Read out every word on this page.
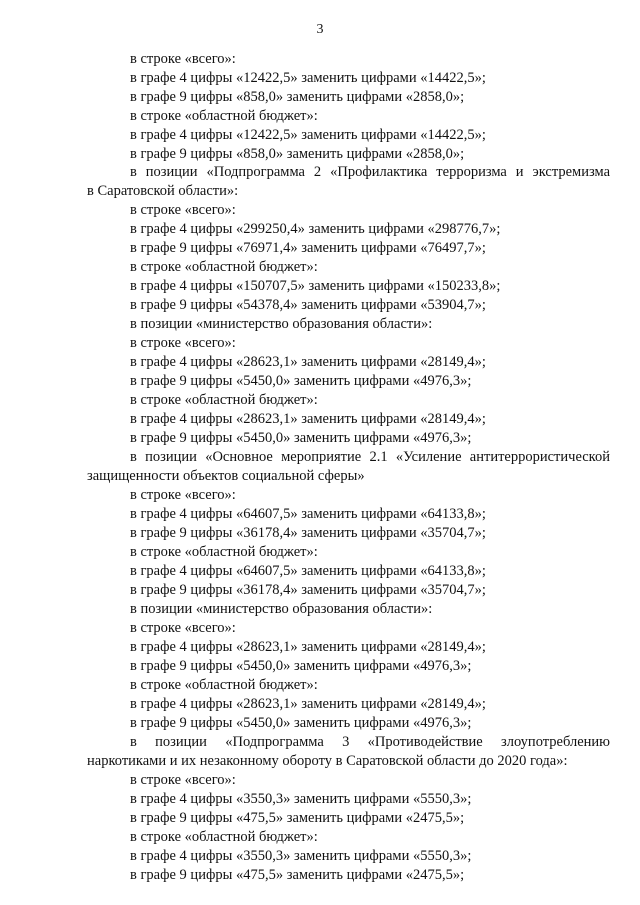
3
в строке «всего»:
в графе 4 цифры «12422,5» заменить цифрами «14422,5»;
в графе 9 цифры «858,0» заменить цифрами «2858,0»;
в строке «областной бюджет»:
в графе 4 цифры «12422,5» заменить цифрами «14422,5»;
в графе 9 цифры «858,0» заменить цифрами «2858,0»;
в позиции «Подпрограмма 2 «Профилактика терроризма и экстремизма
в Саратовской области»:
в строке «всего»:
в графе 4 цифры «299250,4» заменить цифрами «298776,7»;
в графе 9 цифры «76971,4» заменить цифрами «76497,7»;
в строке «областной бюджет»:
в графе 4 цифры «150707,5» заменить цифрами «150233,8»;
в графе 9 цифры «54378,4» заменить цифрами «53904,7»;
в позиции «министерство образования области»:
в строке «всего»:
в графе 4 цифры «28623,1» заменить цифрами «28149,4»;
в графе 9 цифры «5450,0» заменить цифрами «4976,3»;
в строке «областной бюджет»:
в графе 4 цифры «28623,1» заменить цифрами «28149,4»;
в графе 9 цифры «5450,0» заменить цифрами «4976,3»;
в позиции «Основное мероприятие 2.1 «Усиление антитеррористической
защищенности объектов социальной сферы»
в строке «всего»:
в графе 4 цифры «64607,5» заменить цифрами «64133,8»;
в графе 9 цифры «36178,4» заменить цифрами «35704,7»;
в строке «областной бюджет»:
в графе 4 цифры «64607,5» заменить цифрами «64133,8»;
в графе 9 цифры «36178,4» заменить цифрами «35704,7»;
в позиции «министерство образования области»:
в строке «всего»:
в графе 4 цифры «28623,1» заменить цифрами «28149,4»;
в графе 9 цифры «5450,0» заменить цифрами «4976,3»;
в строке «областной бюджет»:
в графе 4 цифры «28623,1» заменить цифрами «28149,4»;
в графе 9 цифры «5450,0» заменить цифрами «4976,3»;
в позиции «Подпрограмма 3 «Противодействие злоупотреблению
наркотиками и их незаконному обороту в Саратовской области до 2020 года»:
в строке «всего»:
в графе 4 цифры «3550,3» заменить цифрами «5550,3»;
в графе 9 цифры «475,5» заменить цифрами «2475,5»;
в строке «областной бюджет»:
в графе 4 цифры «3550,3» заменить цифрами «5550,3»;
в графе 9 цифры «475,5» заменить цифрами «2475,5»;
